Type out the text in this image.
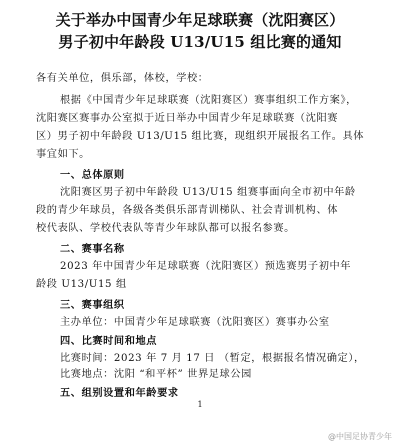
关于举办中国青少年足球联赛（沈阳赛区）
男子初中年龄段 U13/U15 组比赛的通知
各有关单位，俱乐部，体校，学校：
根据《中国青少年足球联赛（沈阳赛区）赛事组织工作方案》，
沈阳赛区赛事办公室拟于近日举办中国青少年足球联赛（沈阳赛
区）男子初中年龄段 U13/U15 组比赛，现组织开展报名工作。具体
事宜如下。
一、总体原则
沈阳赛区男子初中年龄段 U13/U15 组赛事面向全市初中年龄
段的青少年球员，各级各类俱乐部青训梯队、社会青训机构、体
校代表队、学校代表队等青少年球队都可以报名参赛。
二、赛事名称
2023 年中国青少年足球联赛（沈阳赛区）预选赛男子初中年
龄段 U13/U15 组
三、赛事组织
主办单位：中国青少年足球联赛（沈阳赛区）赛事办公室
四、比赛时间和地点
比赛时间：2023 年 7 月 17 日 （暂定，根据报名情况确定），
比赛地点：沈阳 “和平杯” 世界足球公园
五、组别设置和年龄要求
1
@中国足协青少年
